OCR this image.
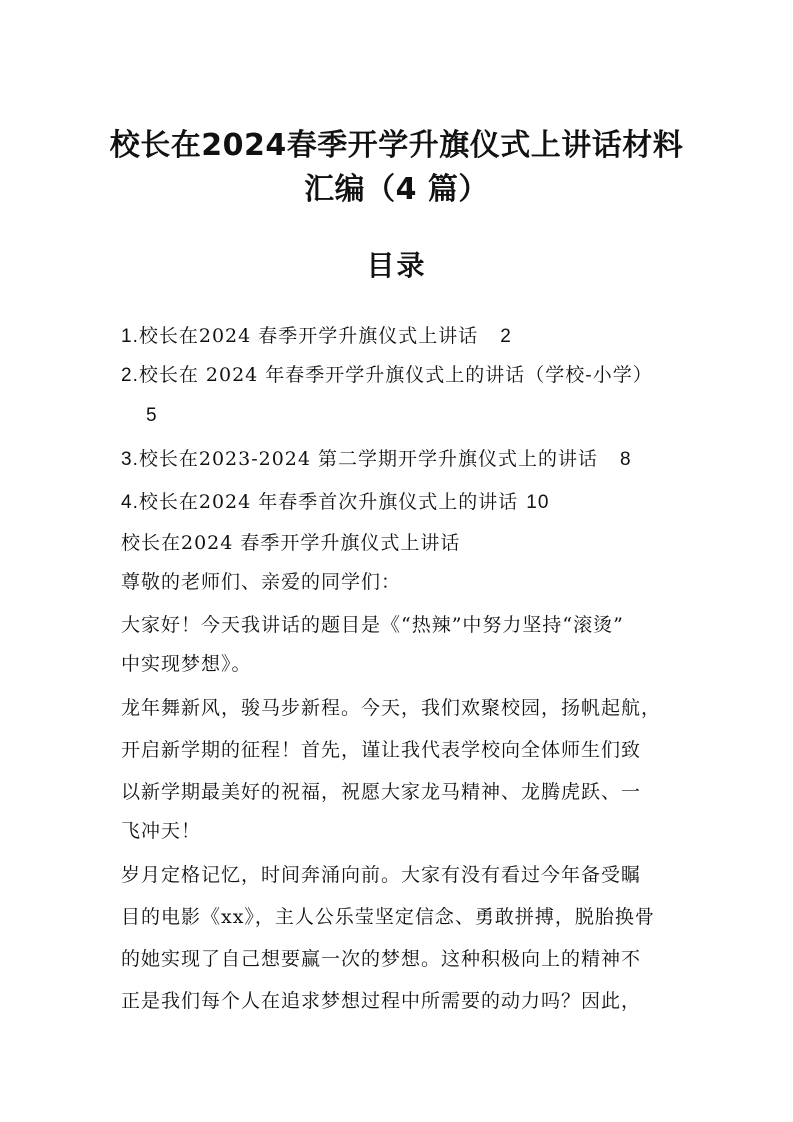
校长在2024春季开学升旗仪式上讲话材料
汇编（4 篇）
目录
1.校长在2024 春季开学升旗仪式上讲话 2
2.校长在 2024 年春季开学升旗仪式上的讲话（学校-小学）
5
3.校长在2023-2024 第二学期开学升旗仪式上的讲话 8
4.校长在2024 年春季首次升旗仪式上的讲话 10
校长在2024 春季开学升旗仪式上讲话
尊敬的老师们、亲爱的同学们：
大家好！今天我讲话的题目是《“热辣”中努力坚持“滚烫”
中实现梦想》。
龙年舞新风，骏马步新程。今天，我们欢聚校园，扬帆起航，
开启新学期的征程！首先，谨让我代表学校向全体师生们致
以新学期最美好的祝福，祝愿大家龙马精神、龙腾虎跃、一
飞冲天！
岁月定格记忆，时间奔涌向前。大家有没有看过今年备受瞩
目的电影《xx》，主人公乐莹坚定信念、勇敢拼搏，脱胎换骨
的她实现了自己想要赢一次的梦想。这种积极向上的精神不
正是我们每个人在追求梦想过程中所需要的动力吗？因此，
